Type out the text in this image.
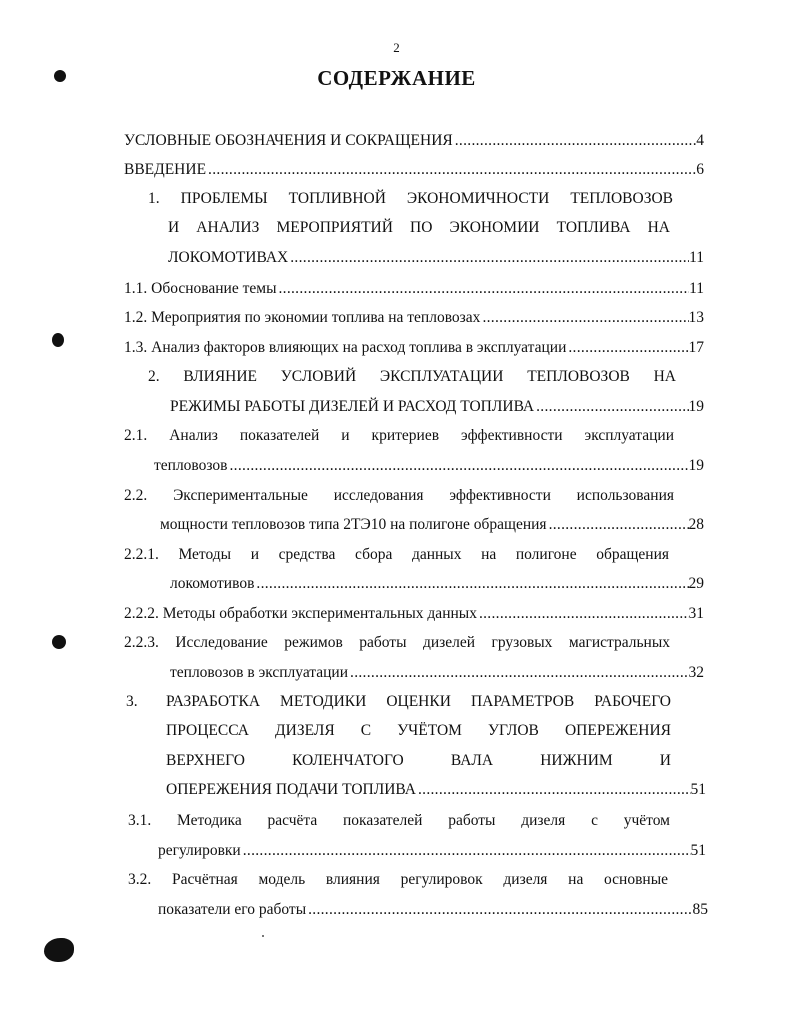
2
СОДЕРЖАНИЕ
УСЛОВНЫЕ ОБОЗНАЧЕНИЯ И СОКРАЩЕНИЯ .....	4
ВВЕДЕНИЕ .....	6
1. ПРОБЛЕМЫ ТОПЛИВНОЙ ЭКОНОМИЧНОСТИ ТЕПЛОВОЗОВ
И АНАЛИЗ МЕРОПРИЯТИЙ ПО ЭКОНОМИИ ТОПЛИВА НА
ЛОКОМОТИВАХ .....	11
1.1. Обоснование темы .....	11
1.2. Мероприятия по экономии топлива на тепловозах .....	13
1.3. Анализ факторов влияющих на расход топлива в эксплуатации .....	17
2. ВЛИЯНИЕ УСЛОВИЙ ЭКСПЛУАТАЦИИ ТЕПЛОВОЗОВ НА
РЕЖИМЫ РАБОТЫ ДИЗЕЛЕЙ И РАСХОД ТОПЛИВА .....	19
2.1. Анализ показателей и критериев эффективности эксплуатации
тепловозов .....	19
2.2. Экспериментальные исследования эффективности использования
мощности тепловозов типа 2ТЭ10 на полигоне обращения .....	28
2.2.1. Методы и средства сбора данных на полигоне обращения
локомотивов .....	29
2.2.2. Методы обработки экспериментальных данных .....	31
2.2.3. Исследование режимов работы дизелей грузовых магистральных
тепловозов в эксплуатации .....	32
3. РАЗРАБОТКА МЕТОДИКИ ОЦЕНКИ ПАРАМЕТРОВ РАБОЧЕГО
ПРОЦЕССА ДИЗЕЛЯ С УЧЁТОМ УГЛОВ ОПЕРЕЖЕНИЯ
ВЕРХНЕГО КОЛЕНЧАТОГО ВАЛА НИЖНИМ И
ОПЕРЕЖЕНИЯ ПОДАЧИ ТОПЛИВА .....	51
3.1. Методика расчёта показателей работы дизеля с учётом
регулировки .....	51
3.2. Расчётная модель влияния регулировок дизеля на основные
показатели его работы .....	85
